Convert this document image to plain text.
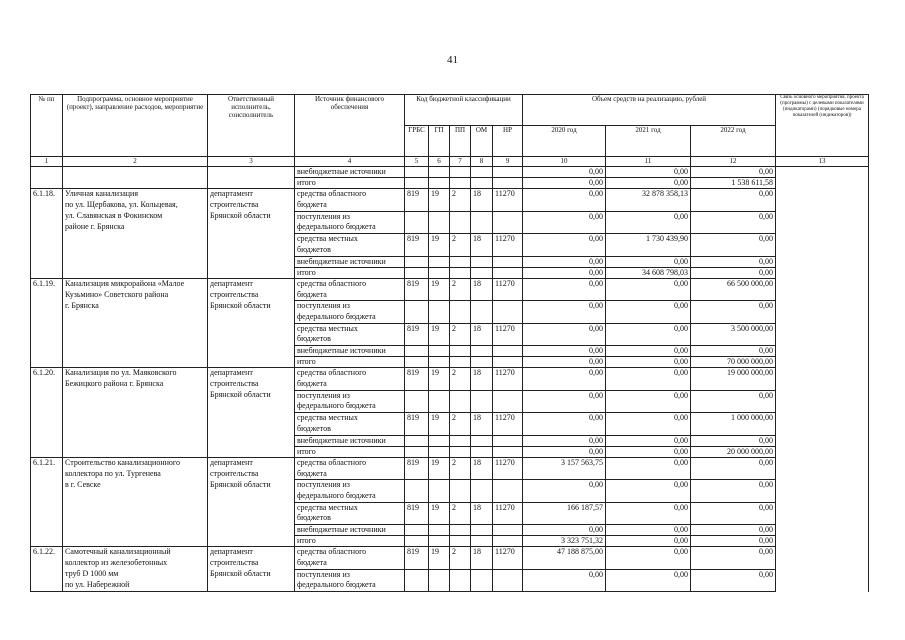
41
№ пп	Подпрограмма, основное мероприятие (проект), направление расходов, мероприятие	Ответственный исполнитель, соисполнитель	Источник финансового обеспечения	Код бюджетной классификации					Объем средств на реализацию, рублей			Связь основного мероприятия, проекта (программы) с целевыми показателями (индикаторами) (порядковые номера показателей (индикаторов))
				ГРБС	ГП	ПП	ОМ	НР	2020 год	2021 год	2022 год	
1	2	3	4	5	6	7	8	9	10	11	12	13
			внебюджетные источники						0,00	0,00	0,00	
			итого						0,00	0,00	1 538 611,58	
6.1.18.	Уличная канализация	департамент	средства областного	819	19	2	18	11270	0,00	32 878 358,13	0,00	
	по ул. Щербакова, ул. Кольцевая,	строительства	бюджета									
	ул. Славянская в Фокинском	Брянской области	поступления из						0,00	0,00	0,00	
	районе г. Брянска		федерального бюджета									
			средства местных	819	19	2	18	11270	0,00	1 730 439,90	0,00	
			бюджетов									
			внебюджетные источники						0,00	0,00	0,00	
			итого						0,00	34 608 798,03	0,00	
6.1.19.	Канализация микрорайона «Малое	департамент	средства областного	819	19	2	18	11270	0,00	0,00	66 500 000,00	
	Кузьмино» Советского района	строительства	бюджета									
	г. Брянска	Брянской области	поступления из						0,00	0,00	0,00	
			федерального бюджета									
			средства местных	819	19	2	18	11270	0,00	0,00	3 500 000,00	
			бюджетов									
			внебюджетные источники						0,00	0,00	0,00	
			итого						0,00	0,00	70 000 000,00	
6.1.20.	Канализация по ул. Маяковского	департамент	средства областного	819	19	2	18	11270	0,00	0,00	19 000 000,00	
	Бежицкого района г. Брянска	строительства	бюджета									
		Брянской области	поступления из						0,00	0,00	0,00	
			федерального бюджета									
			средства местных	819	19	2	18	11270	0,00	0,00	1 000 000,00	
			бюджетов									
			внебюджетные источники						0,00	0,00	0,00	
			итого						0,00	0,00	20 000 000,00	
6.1.21.	Строительство канализационного	департамент	средства областного	819	19	2	18	11270	3 157 563,75	0,00	0,00	
	коллектора по ул. Тургенева	строительства	бюджета									
	в г. Севске	Брянской области	поступления из						0,00	0,00	0,00	
			федерального бюджета									
			средства местных	819	19	2	18	11270	166 187,57	0,00	0,00	
			бюджетов									
			внебюджетные источники						0,00	0,00	0,00	
			итого						3 323 751,32	0,00	0,00	
6.1.22.	Самотечный канализационный	департамент	средства областного	819	19	2	18	11270	47 188 875,00	0,00	0,00	
	коллектор из железобетонных	строительства	бюджета									
	труб D 1000 мм	Брянской области	поступления из						0,00	0,00	0,00	
	по ул. Набережной		федерального бюджета									
